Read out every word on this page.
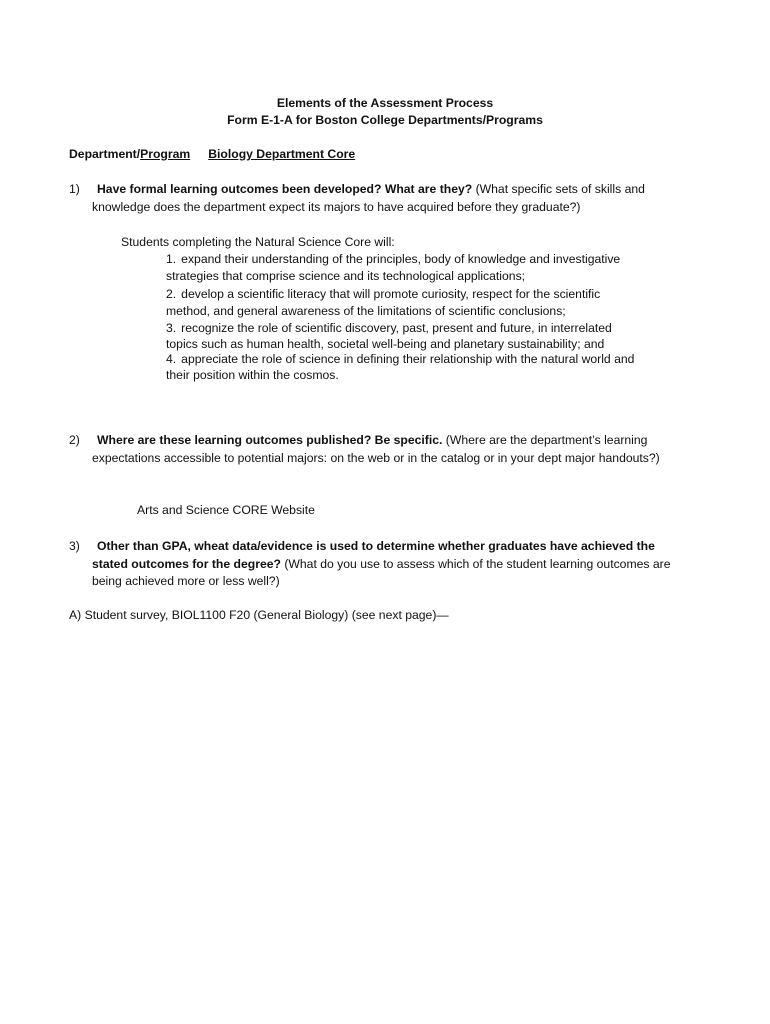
Elements of the Assessment Process
Form E-1-A for Boston College Departments/Programs
Department/Program Biology Department Core
1)	Have formal learning outcomes been developed? What are they? (What specific sets of skills and knowledge does the department expect its majors to have acquired before they graduate?)

Students completing the Natural Science Core will:

1. expand their understanding of the principles, body of knowledge and investigative strategies that comprise science and its technological applications;
2. develop a scientific literacy that will promote curiosity, respect for the scientific method, and general awareness of the limitations of scientific conclusions;
3. recognize the role of scientific discovery, past, present and future, in interrelated topics such as human health, societal well-being and planetary sustainability; and
4. appreciate the role of science in defining their relationship with the natural world and their position within the cosmos.
2)	Where are these learning outcomes published? Be specific. (Where are the department’s learning expectations accessible to potential majors: on the web or in the catalog or in your dept major handouts?)
Arts and Science CORE Website
3)	Other than GPA, wheat data/evidence is used to determine whether graduates have achieved the stated outcomes for the degree? (What do you use to assess which of the student learning outcomes are being achieved more or less well?)
A) Student survey, BIOL1100 F20 (General Biology) (see next page)—
